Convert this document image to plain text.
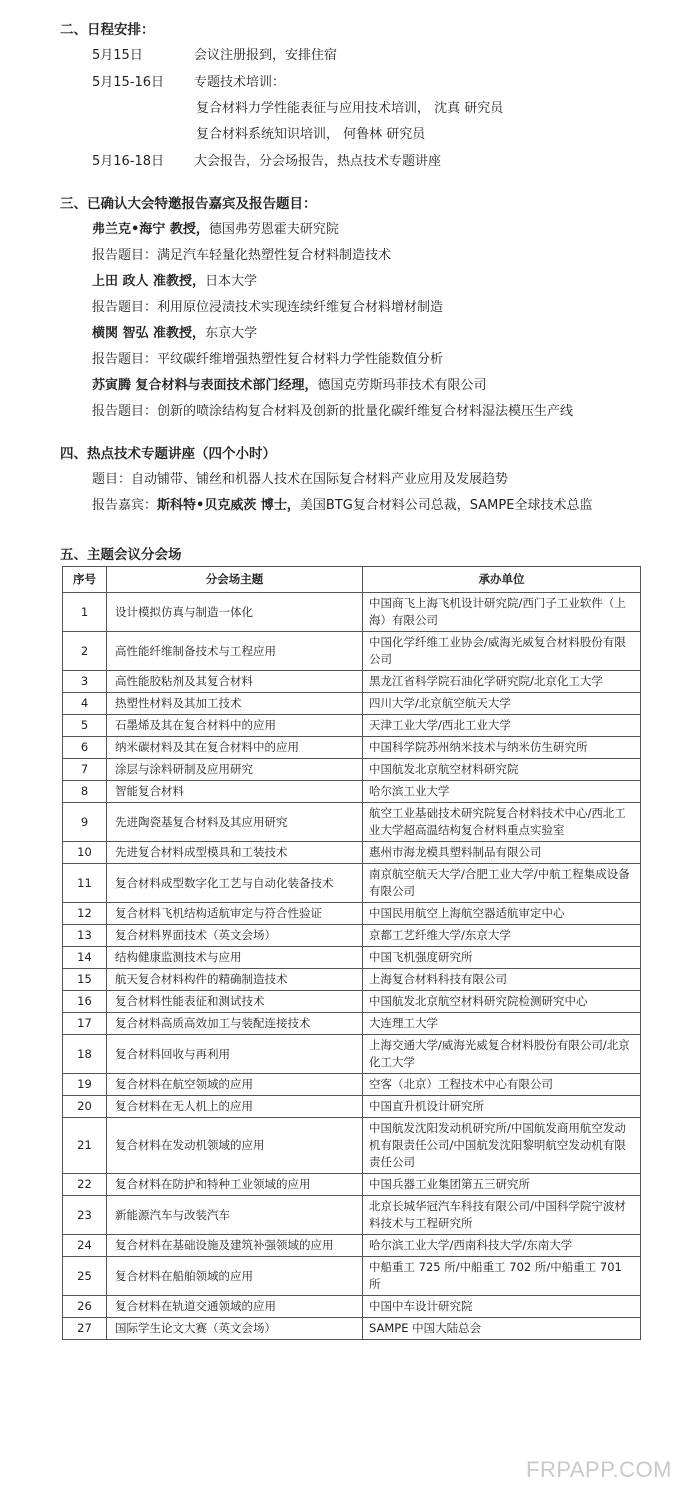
二、日程安排：
5月15日	会议注册报到，安排住宿
5月15-16日 专题技术培训：
复合材料力学性能表征与应用技术培训， 沈真 研究员
复合材料系统知识培训， 何鲁林 研究员
5月16-18日 大会报告，分会场报告，热点技术专题讲座
三、已确认大会特邀报告嘉宾及报告题目：
弗兰克•海宁 教授，德国弗劳恩霍夫研究院
报告题目：满足汽车轻量化热塑性复合材料制造技术
上田 政人 准教授，日本大学
报告题目：利用原位浸渍技术实现连续纤维复合材料增材制造
横関 智弘 准教授，东京大学
报告题目：平纹碳纤维增强热塑性复合材料力学性能数值分析
苏寅腾 复合材料与表面技术部门经理，德国克劳斯玛菲技术有限公司
报告题目：创新的喷涂结构复合材料及创新的批量化碳纤维复合材料湿法模压生产线
四、热点技术专题讲座（四个小时）
题目：自动铺带、铺丝和机器人技术在国际复合材料产业应用及发展趋势
报告嘉宾：斯科特•贝克威茨 博士，美国BTG复合材料公司总裁，SAMPE全球技术总监
五、主题会议分会场
序号	分会场主题	承办单位
1	设计模拟仿真与制造一体化	中国商飞上海飞机设计研究院/西门子工业软件（上海）有限公司
2	高性能纤维制备技术与工程应用	中国化学纤维工业协会/威海光威复合材料股份有限公司
3	高性能胶粘剂及其复合材料	黑龙江省科学院石油化学研究院/北京化工大学
4	热塑性材料及其加工技术	四川大学/北京航空航天大学
5	石墨烯及其在复合材料中的应用	天津工业大学/西北工业大学
6	纳米碳材料及其在复合材料中的应用	中国科学院苏州纳米技术与纳米仿生研究所
7	涂层与涂料研制及应用研究	中国航发北京航空材料研究院
8	智能复合材料	哈尔滨工业大学
9	先进陶瓷基复合材料及其应用研究	航空工业基础技术研究院复合材料技术中心/西北工业大学超高温结构复合材料重点实验室
10	先进复合材料成型模具和工装技术	惠州市海龙模具塑料制品有限公司
11	复合材料成型数字化工艺与自动化装备技术	南京航空航天大学/合肥工业大学/中航工程集成设备有限公司
12	复合材料飞机结构适航审定与符合性验证	中国民用航空上海航空器适航审定中心
13	复合材料界面技术（英文会场）	京都工艺纤维大学/东京大学
14	结构健康监测技术与应用	中国飞机强度研究所
15	航天复合材料构件的精确制造技术	上海复合材料科技有限公司
16	复合材料性能表征和测试技术	中国航发北京航空材料研究院检测研究中心
17	复合材料高质高效加工与装配连接技术	大连理工大学
18	复合材料回收与再利用	上海交通大学/威海光威复合材料股份有限公司/北京化工大学
19	复合材料在航空领域的应用	空客（北京）工程技术中心有限公司
20	复合材料在无人机上的应用	中国直升机设计研究所
21	复合材料在发动机领域的应用	中国航发沈阳发动机研究所/中国航发商用航空发动机有限责任公司/中国航发沈阳黎明航空发动机有限责任公司
22	复合材料在防护和特种工业领域的应用	中国兵器工业集团第五三研究所
23	新能源汽车与改装汽车	北京长城华冠汽车科技有限公司/中国科学院宁波材料技术与工程研究所
24	复合材料在基础设施及建筑补强领域的应用	哈尔滨工业大学/西南科技大学/东南大学
25	复合材料在船舶领域的应用	中船重工 725 所/中船重工 702 所/中船重工 701 所
26	复合材料在轨道交通领域的应用	中国中车设计研究院
27	国际学生论文大赛（英文会场）	SAMPE 中国大陆总会
FRPAPP.COM
